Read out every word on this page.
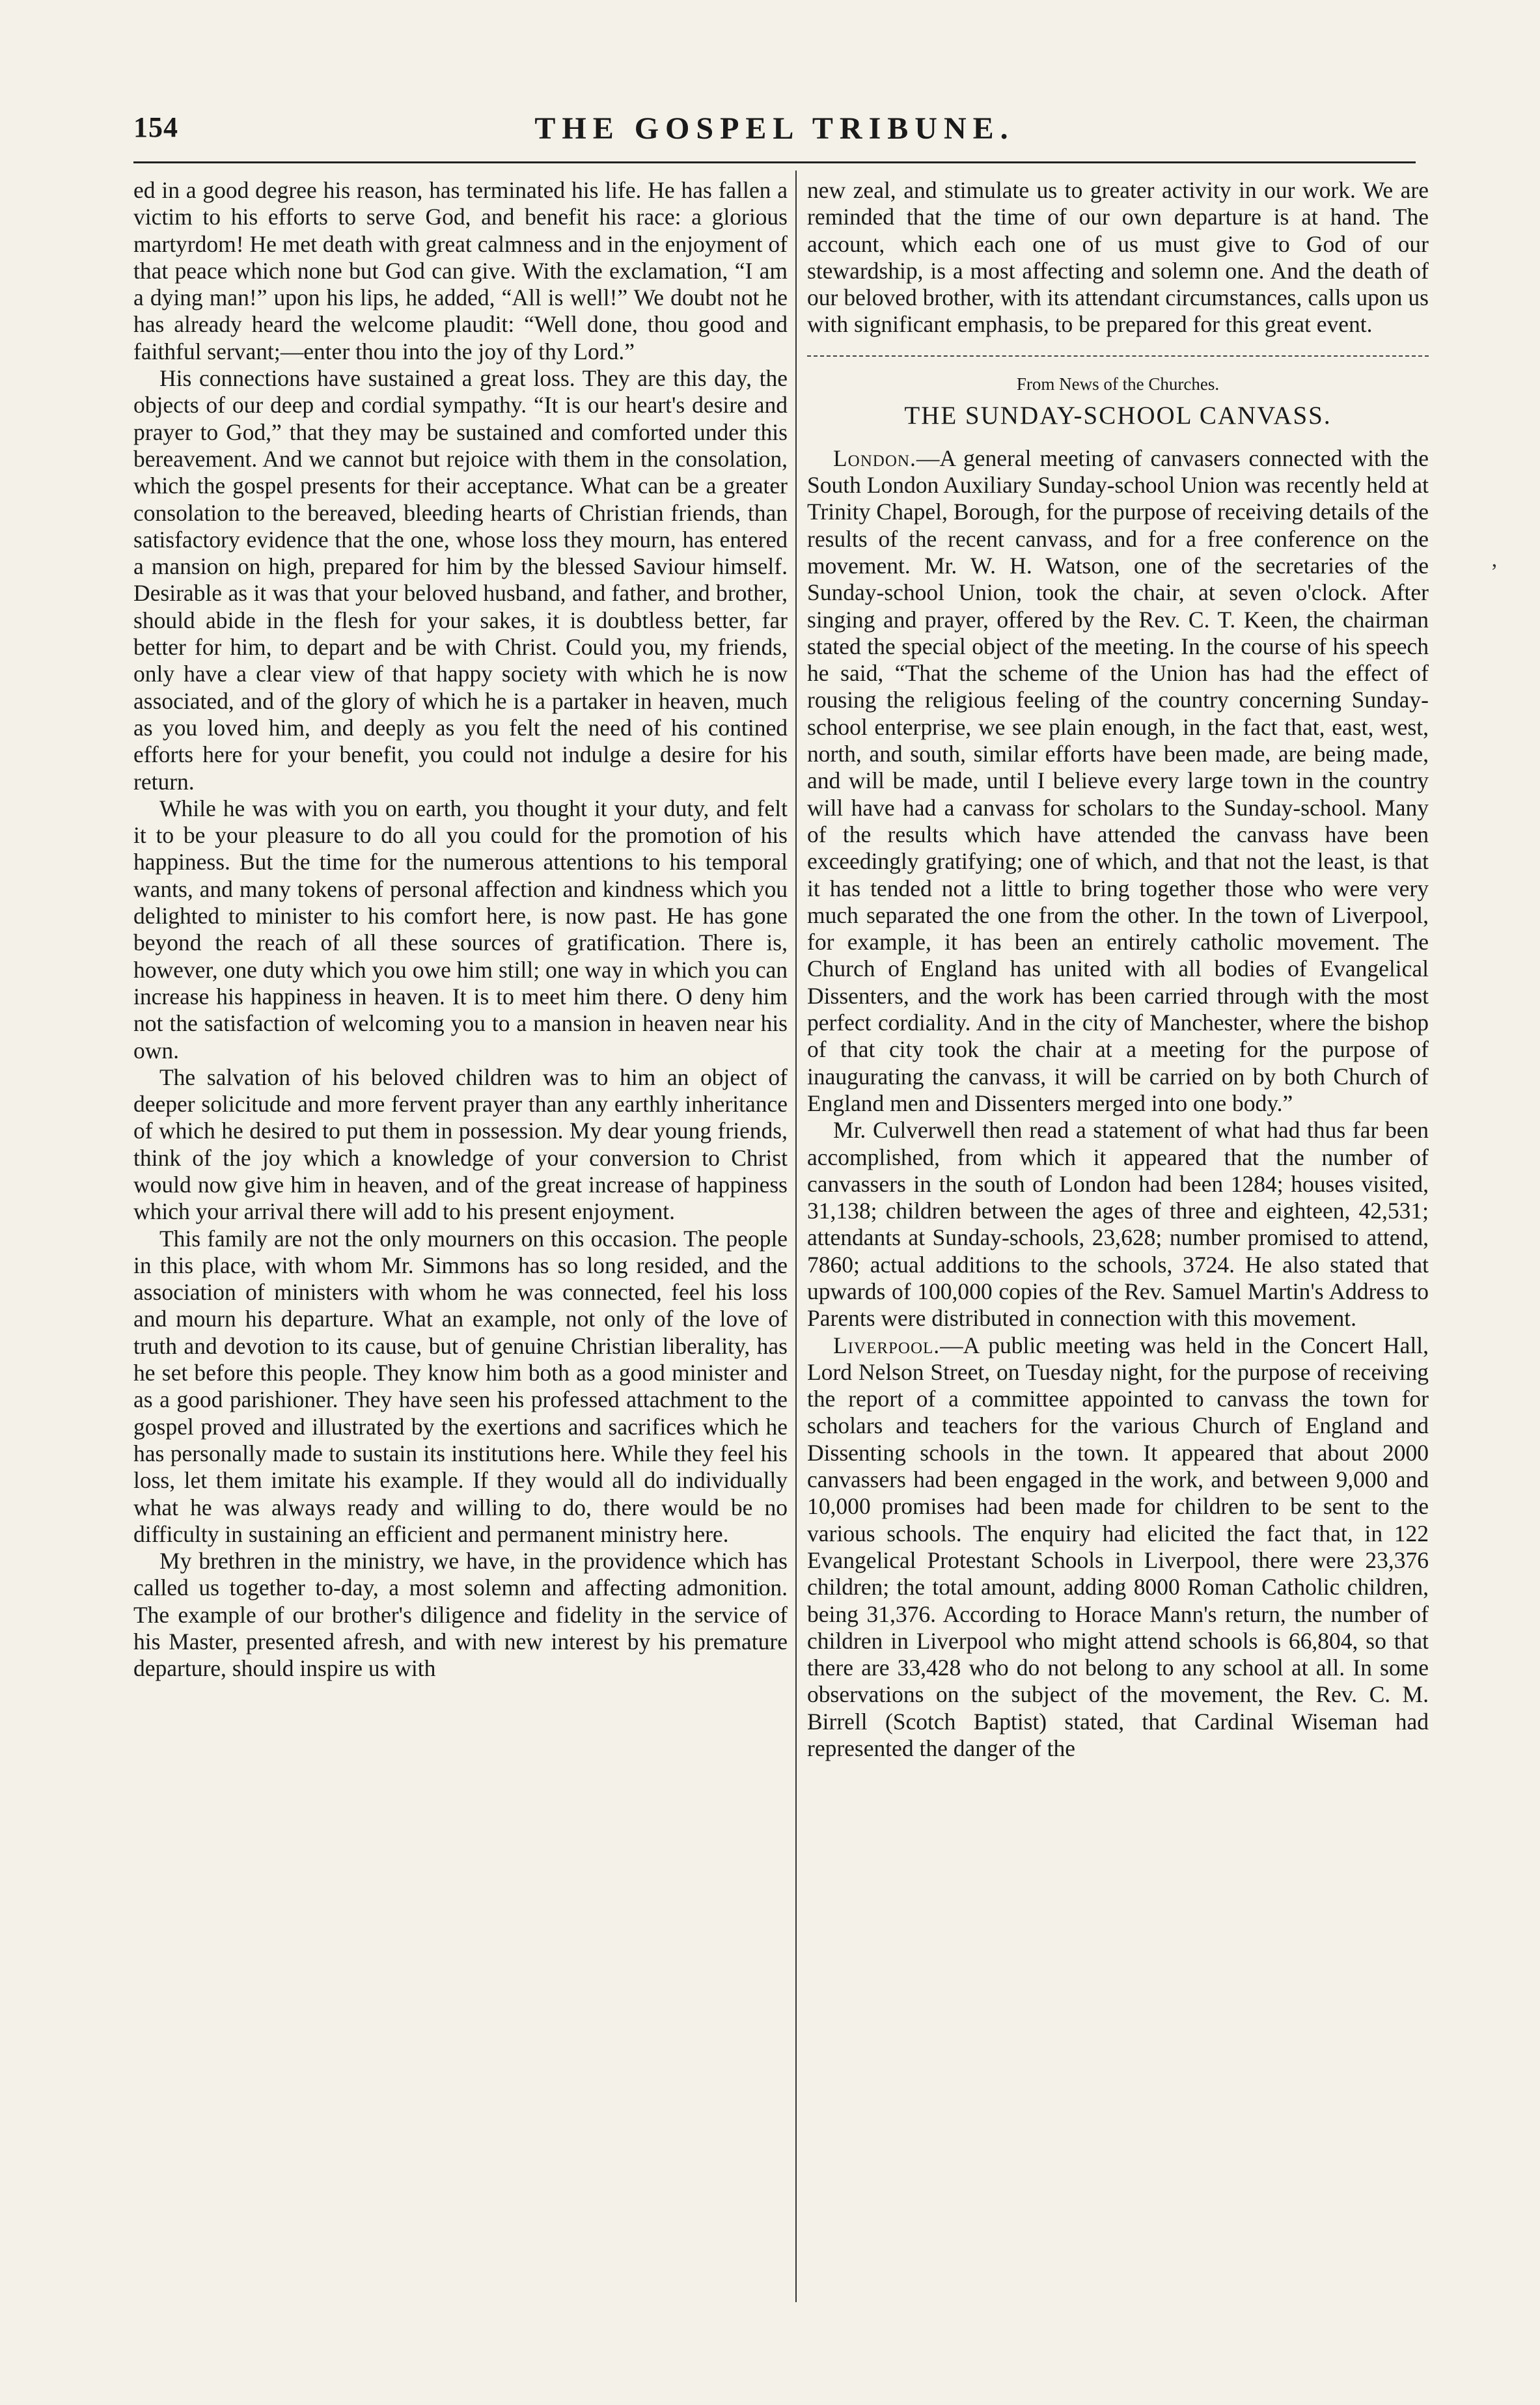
154	THE GOSPEL TRIBUNE.

ed in a good degree his reason, has terminated his life. He has fallen a victim to his efforts to serve God, and benefit his race: a glorious martyrdom! He met death with great calmness and in the enjoyment of that peace which none but God can give. With the exclamation, “I am a dying man!” upon his lips, he added, “All is well!” We doubt not he has already heard the welcome plaudit: “Well done, thou good and faithful servant;—enter thou into the joy of thy Lord.”

His connections have sustained a great loss. They are this day, the objects of our deep and cordial sympathy. “It is our heart's desire and prayer to God,” that they may be sustained and comforted under this bereavement. And we cannot but rejoice with them in the consolation, which the gospel presents for their acceptance. What can be a greater consolation to the bereaved, bleeding hearts of Christian friends, than satisfactory evidence that the one, whose loss they mourn, has entered a mansion on high, prepared for him by the blessed Saviour himself. Desirable as it was that your beloved husband, and father, and brother, should abide in the flesh for your sakes, it is doubtless better, far better for him, to depart and be with Christ. Could you, my friends, only have a clear view of that happy society with which he is now associated, and of the glory of which he is a partaker in heaven, much as you loved him, and deeply as you felt the need of his contined efforts here for your benefit, you could not indulge a desire for his return.

While he was with you on earth, you thought it your duty, and felt it to be your pleasure to do all you could for the promotion of his happiness. But the time for the numerous attentions to his temporal wants, and many tokens of personal affection and kindness which you delighted to minister to his comfort here, is now past. He has gone beyond the reach of all these sources of gratification. There is, however, one duty which you owe him still; one way in which you can increase his happiness in heaven. It is to meet him there. O deny him not the satisfaction of welcoming you to a mansion in heaven near his own.

The salvation of his beloved children was to him an object of deeper solicitude and more fervent prayer than any earthly inheritance of which he desired to put them in possession. My dear young friends, think of the joy which a knowledge of your conversion to Christ would now give him in heaven, and of the great increase of happiness which your arrival there will add to his present enjoyment.

This family are not the only mourners on this occasion. The people in this place, with whom Mr. Simmons has so long resided, and the association of ministers with whom he was connected, feel his loss and mourn his departure. What an example, not only of the love of truth and devotion to its cause, but of genuine Christian liberality, has he set before this people. They know him both as a good minister and as a good parishioner. They have seen his professed attachment to the gospel proved and illustrated by the exertions and sacrifices which he has personally made to sustain its institutions here. While they feel his loss, let them imitate his example. If they would all do individually what he was always ready and willing to do, there would be no difficulty in sustaining an efficient and permanent ministry here.

My brethren in the ministry, we have, in the providence which has called us together to-day, a most solemn and affecting admonition. The example of our brother's diligence and fidelity in the service of his Master, presented afresh, and with new interest by his premature departure, should inspire us with

new zeal, and stimulate us to greater activity in our work. We are reminded that the time of our own departure is at hand. The account, which each one of us must give to God of our stewardship, is a most affecting and solemn one. And the death of our beloved brother, with its attendant circumstances, calls upon us with significant emphasis, to be prepared for this great event.

From News of the Churches.
THE SUNDAY-SCHOOL CANVASS.

London.—A general meeting of canvasers connected with the South London Auxiliary Sunday-school Union was recently held at Trinity Chapel, Borough, for the purpose of receiving details of the results of the recent canvass, and for a free conference on the movement. Mr. W. H. Watson, one of the secretaries of the Sunday-school Union, took the chair, at seven o'clock. After singing and prayer, offered by the Rev. C. T. Keen, the chairman stated the special object of the meeting. In the course of his speech he said, “That the scheme of the Union has had the effect of rousing the religious feeling of the country concerning Sunday-school enterprise, we see plain enough, in the fact that, east, west, north, and south, similar efforts have been made, are being made, and will be made, until I believe every large town in the country will have had a canvass for scholars to the Sunday-school. Many of the results which have attended the canvass have been exceedingly gratifying; one of which, and that not the least, is that it has tended not a little to bring together those who were very much separated the one from the other. In the town of Liverpool, for example, it has been an entirely catholic movement. The Church of England has united with all bodies of Evangelical Dissenters, and the work has been carried through with the most perfect cordiality. And in the city of Manchester, where the bishop of that city took the chair at a meeting for the purpose of inaugurating the canvass, it will be carried on by both Church of England men and Dissenters merged into one body.”

Mr. Culverwell then read a statement of what had thus far been accomplished, from which it appeared that the number of canvassers in the south of London had been 1284; houses visited, 31,138; children between the ages of three and eighteen, 42,531; attendants at Sunday-schools, 23,628; number promised to attend, 7860; actual additions to the schools, 3724. He also stated that upwards of 100,000 copies of the Rev. Samuel Martin's Address to Parents were distributed in connection with this movement.

Liverpool.—A public meeting was held in the Concert Hall, Lord Nelson Street, on Tuesday night, for the purpose of receiving the report of a committee appointed to canvass the town for scholars and teachers for the various Church of England and Dissenting schools in the town. It appeared that about 2000 canvassers had been engaged in the work, and between 9,000 and 10,000 promises had been made for children to be sent to the various schools. The enquiry had elicited the fact that, in 122 Evangelical Protestant Schools in Liverpool, there were 23,376 children; the total amount, adding 8000 Roman Catholic children, being 31,376. According to Horace Mann's return, the number of children in Liverpool who might attend schools is 66,804, so that there are 33,428 who do not belong to any school at all. In some observations on the subject of the movement, the Rev. C. M. Birrell (Scotch Baptist) stated, that Cardinal Wiseman had represented the danger of the

’
